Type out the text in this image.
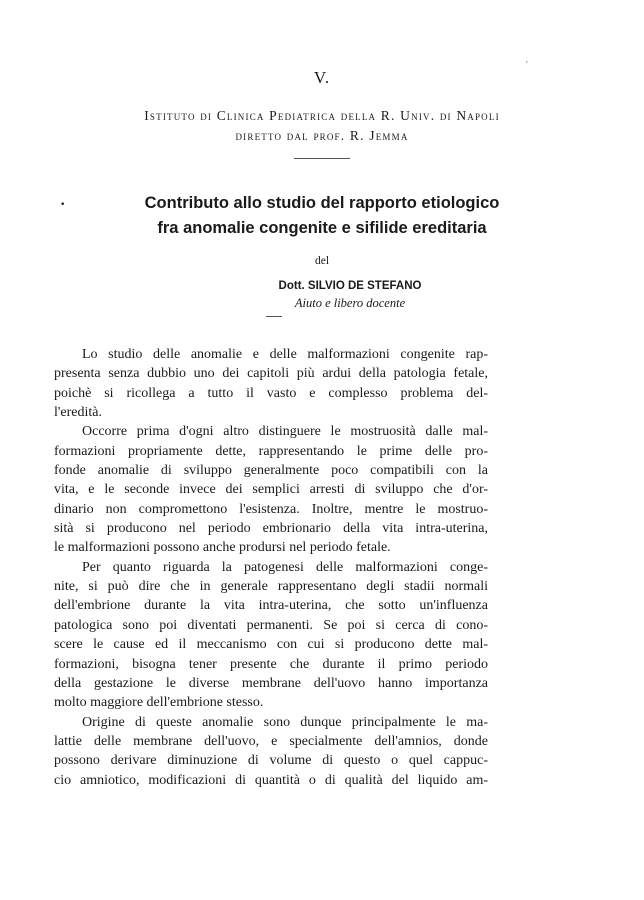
V.
'
Istituto di Clinica Pediatrica della R. Univ. di Napoli
diretto dal prof. R. Jemma
·	Contributo allo studio del rapporto etiologico
fra anomalie congenite e sifilide ereditaria
del
Dott. SILVIO DE STEFANO
Aiuto e libero docente
Lo studio delle anomalie e delle malformazioni congenite rap-
presenta senza dubbio uno dei capitoli più ardui della patologia fetale,
poichè si ricollega a tutto il vasto e complesso problema del-
l'eredità.
Occorre prima d'ogni altro distinguere le mostruosità dalle mal-
formazioni propriamente dette, rappresentando le prime delle pro-
fonde anomalie di sviluppo generalmente poco compatibili con la
vita, e le seconde invece dei semplici arresti di sviluppo che d'or-
dinario non compromettono l'esistenza. Inoltre, mentre le mostruo-
sità si producono nel periodo embrionario della vita intra-uterina,
le malformazioni possono anche prodursi nel periodo fetale.
Per quanto riguarda la patogenesi delle malformazioni conge-
nite, si può dire che in generale rappresentano degli stadii normali
dell'embrione durante la vita intra-uterina, che sotto un'influenza
patologica sono poi diventati permanenti. Se poi si cerca di cono-
scere le cause ed il meccanismo con cui si producono dette mal-
formazioni, bisogna tener presente che durante il primo periodo
della gestazione le diverse membrane dell'uovo hanno importanza
molto maggiore dell'embrione stesso.
Origine di queste anomalie sono dunque principalmente le ma-
lattie delle membrane dell'uovo, e specialmente dell'amnios, donde
possono derivare diminuzione di volume di questo o quel cappuc-
cio amniotico, modificazioni di quantità o di qualità del liquido am-
